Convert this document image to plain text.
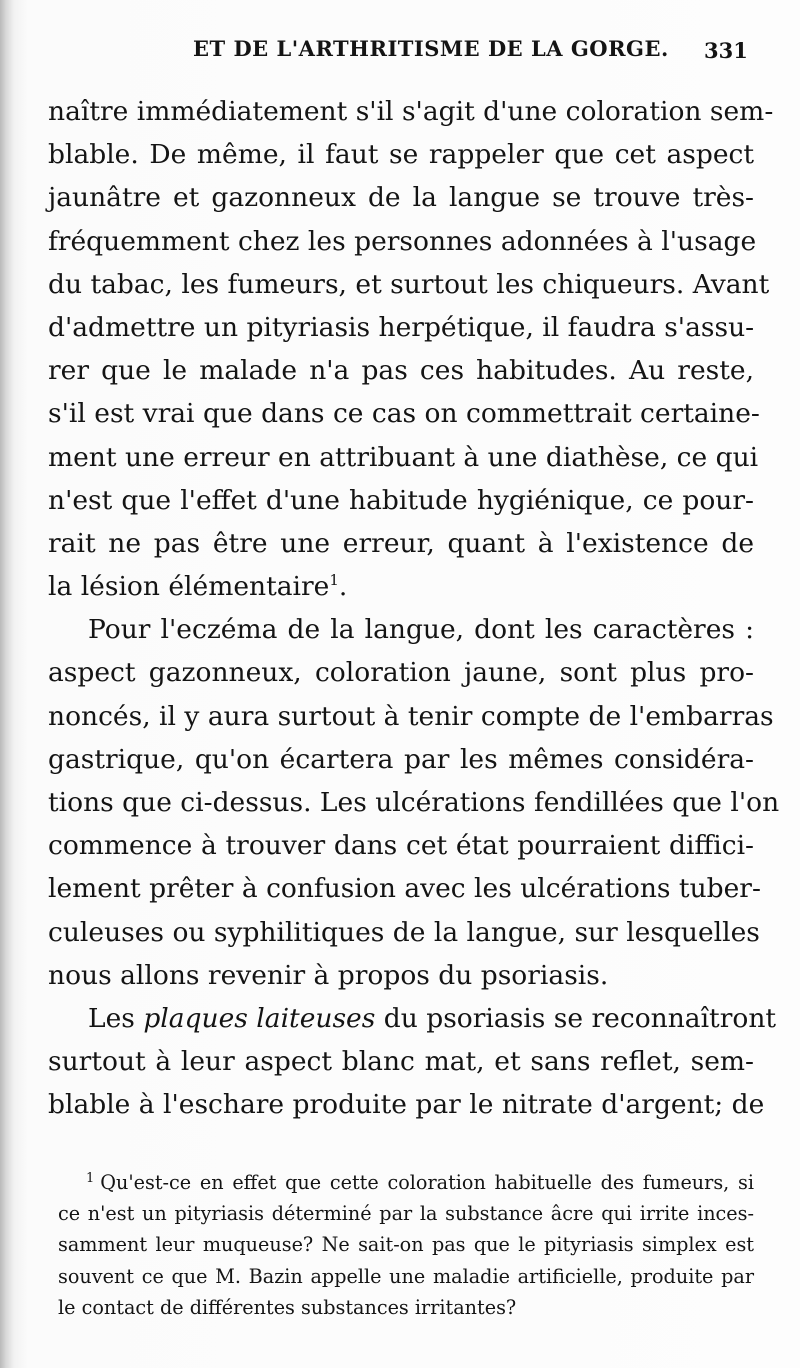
ET DE L'ARTHRITISME DE LA GORGE. 331
naître immédiatement s'il s'agit d'une coloration sem-
blable. De même, il faut se rappeler que cet aspect
jaunâtre et gazonneux de la langue se trouve très-
fréquemment chez les personnes adonnées à l'usage
du tabac, les fumeurs, et surtout les chiqueurs. Avant
d'admettre un pityriasis herpétique, il faudra s'assu-
rer que le malade n'a pas ces habitudes. Au reste,
s'il est vrai que dans ce cas on commettrait certaine-
ment une erreur en attribuant à une diathèse, ce qui
n'est que l'effet d'une habitude hygiénique, ce pour-
rait ne pas être une erreur, quant à l'existence de
la lésion élémentaire$^1$.
Pour l'eczéma de la langue, dont les caractères :
aspect gazonneux, coloration jaune, sont plus pro-
noncés, il y aura surtout à tenir compte de l'embarras
gastrique, qu'on écartera par les mêmes considéra-
tions que ci-dessus. Les ulcérations fendillées que l'on
commence à trouver dans cet état pourraient diffici-
lement prêter à confusion avec les ulcérations tuber-
culeuses ou syphilitiques de la langue, sur lesquelles
nous allons revenir à propos du psoriasis.
Les plaques laiteuses du psoriasis se reconnaîtront
surtout à leur aspect blanc mat, et sans reflet, sem-
blable à l'eschare produite par le nitrate d'argent; de
$^1$ Qu'est-ce en effet que cette coloration habituelle des fumeurs, si
ce n'est un pityriasis déterminé par la substance âcre qui irrite inces-
samment leur muqueuse? Ne sait-on pas que le pityriasis simplex est
souvent ce que M. Bazin appelle une maladie artificielle, produite par
le contact de différentes substances irritantes?
